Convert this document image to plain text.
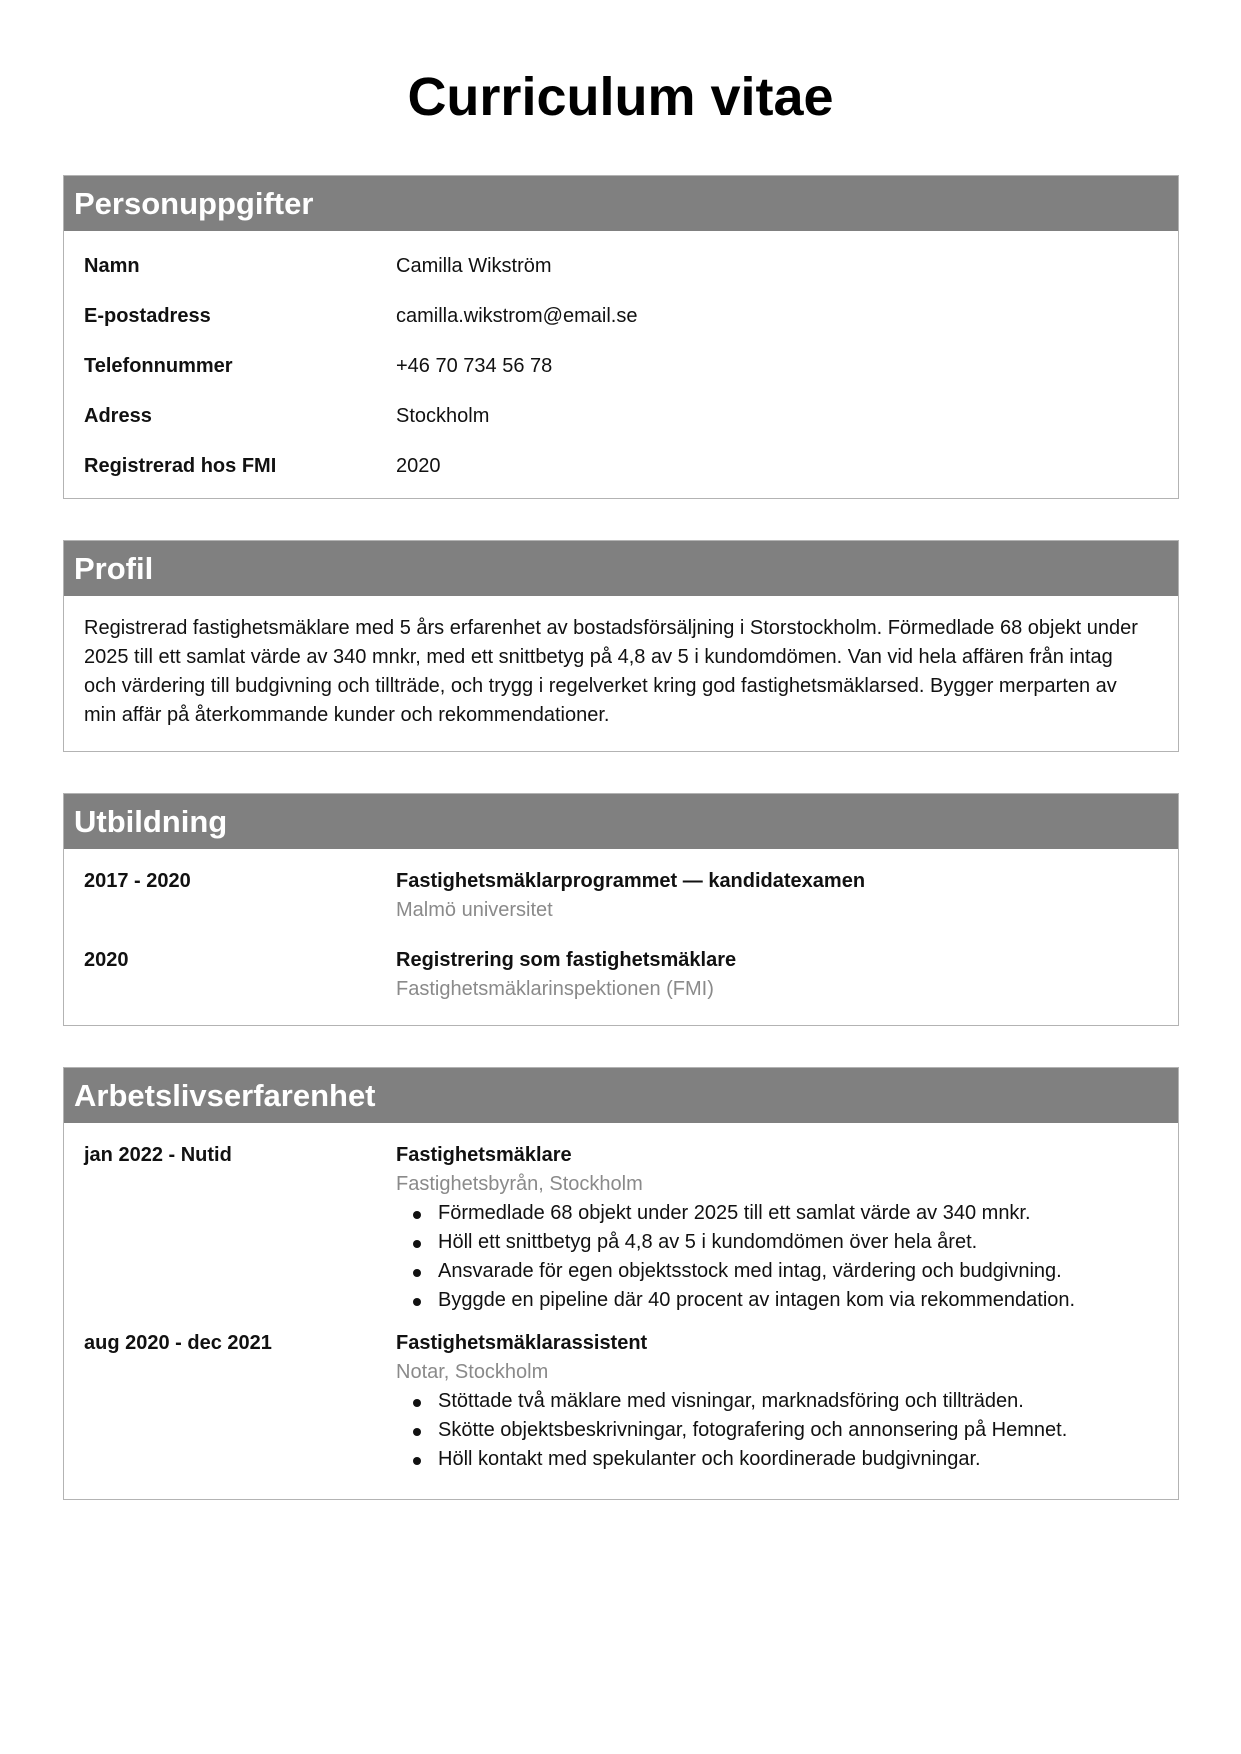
Curriculum vitae
Personuppgifter
Namn	Camilla Wikström
E-postadress	camilla.wikstrom@email.se
Telefonnummer	+46 70 734 56 78
Adress	Stockholm
Registrerad hos FMI	2020
Profil

Registrerad fastighetsmäklare med 5 års erfarenhet av bostadsförsäljning i Storstockholm. Förmedlade 68 objekt under 2025 till ett samlat värde av 340 mnkr, med ett snittbetyg på 4,8 av 5 i kundomdömen. Van vid hela affären från intag och värdering till budgivning och tillträde, och trygg i regelverket kring god fastighetsmäklarsed. Bygger merparten av min affär på återkommande kunder och rekommendationer.

Utbildning
2017 - 2020	Fastighetsmäklarprogrammet — kandidatexamen
Malmö universitet
2020	Registrering som fastighetsmäklare
Fastighetsmäklarinspektionen (FMI)
Arbetslivserfarenhet
jan 2022 - Nutid	Fastighetsmäklare
Fastighetsbyrån, Stockholm
Förmedlade 68 objekt under 2025 till ett samlat värde av 340 mnkr.
Höll ett snittbetyg på 4,8 av 5 i kundomdömen över hela året.
Ansvarade för egen objektsstock med intag, värdering och budgivning.
Byggde en pipeline där 40 procent av intagen kom via rekommendation.
aug 2020 - dec 2021	Fastighetsmäklarassistent
Notar, Stockholm
Stöttade två mäklare med visningar, marknadsföring och tillträden.
Skötte objektsbeskrivningar, fotografering och annonsering på Hemnet.
Höll kontakt med spekulanter och koordinerade budgivningar.
